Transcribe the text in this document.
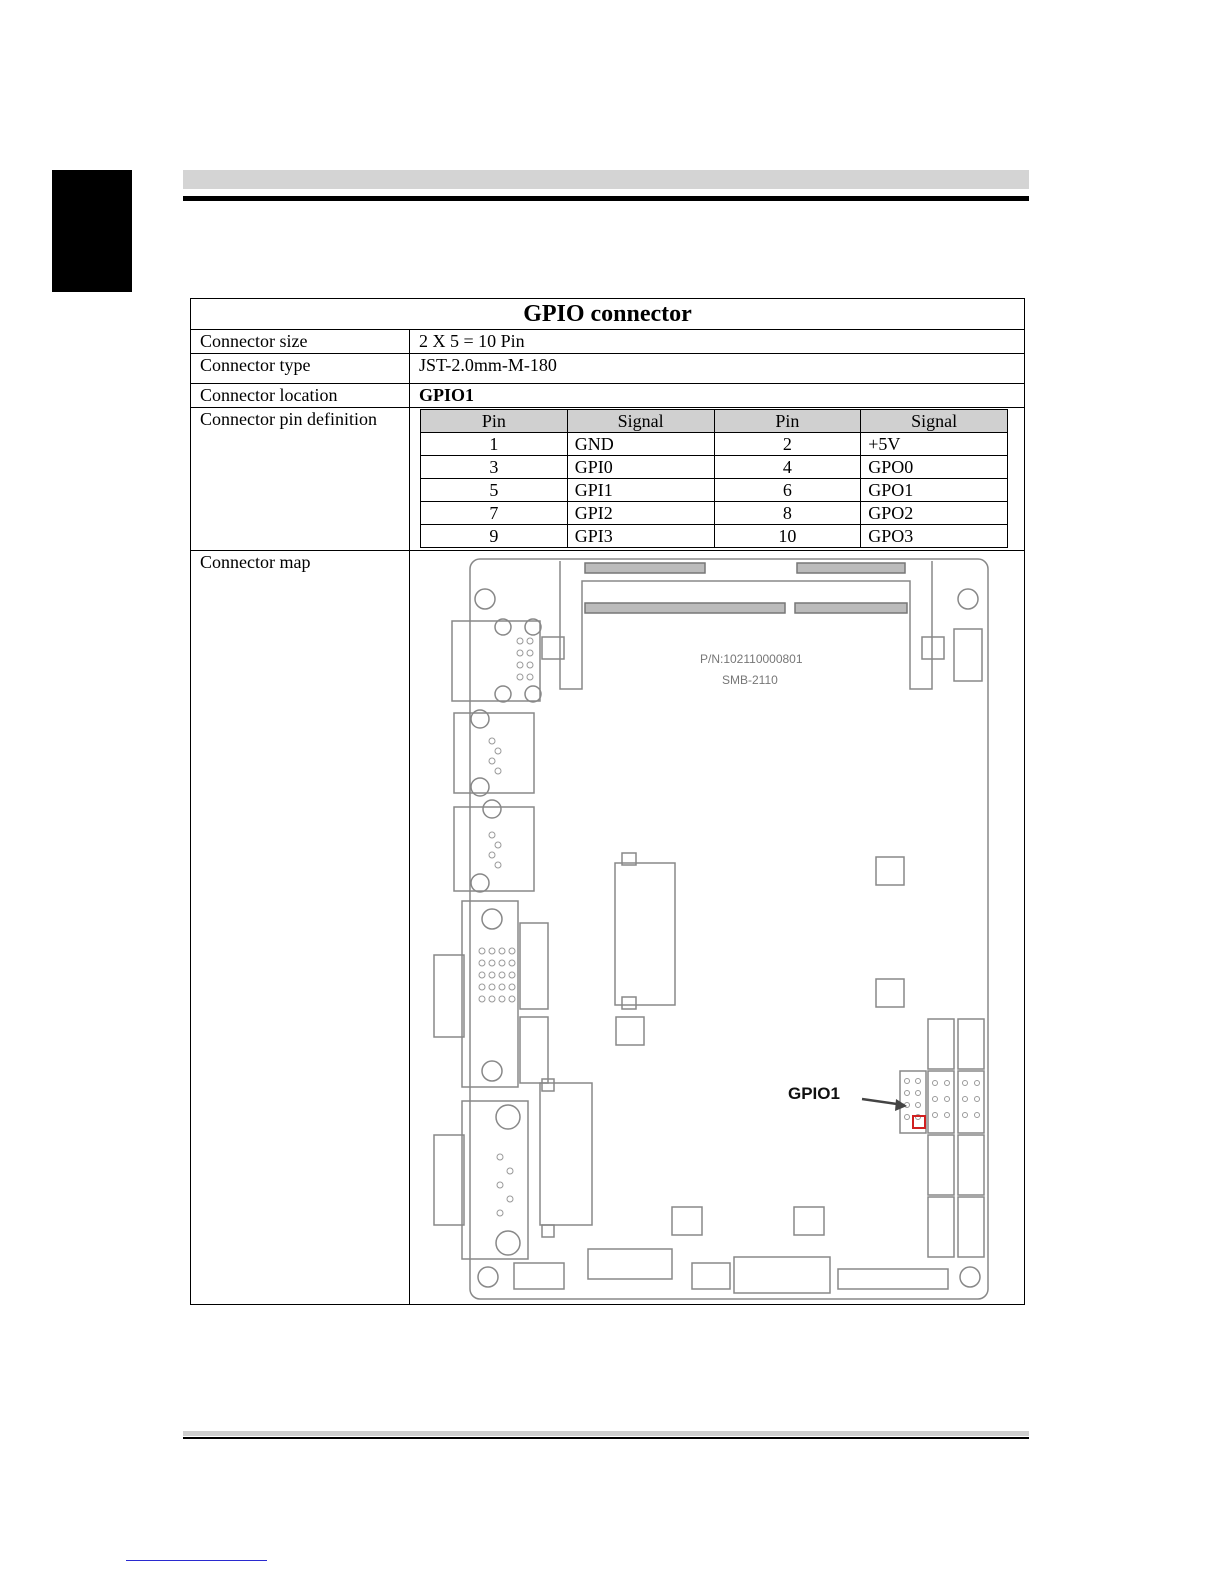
GPIO connector
Connector size	2 X 5 = 10 Pin
Connector type	JST-2.0mm-M-180
Connector location	GPIO1
Connector pin definition		Pin	Signal	Pin	Signal
1	GND	2	+5V
3	GPI0	4	GPO0
5	GPI1	6	GPO1
7	GPI2	8	GPO2
9	GPI3	10	GPO3

Connector map	
P/N:102110000801
SMB-2110
GPIO1
